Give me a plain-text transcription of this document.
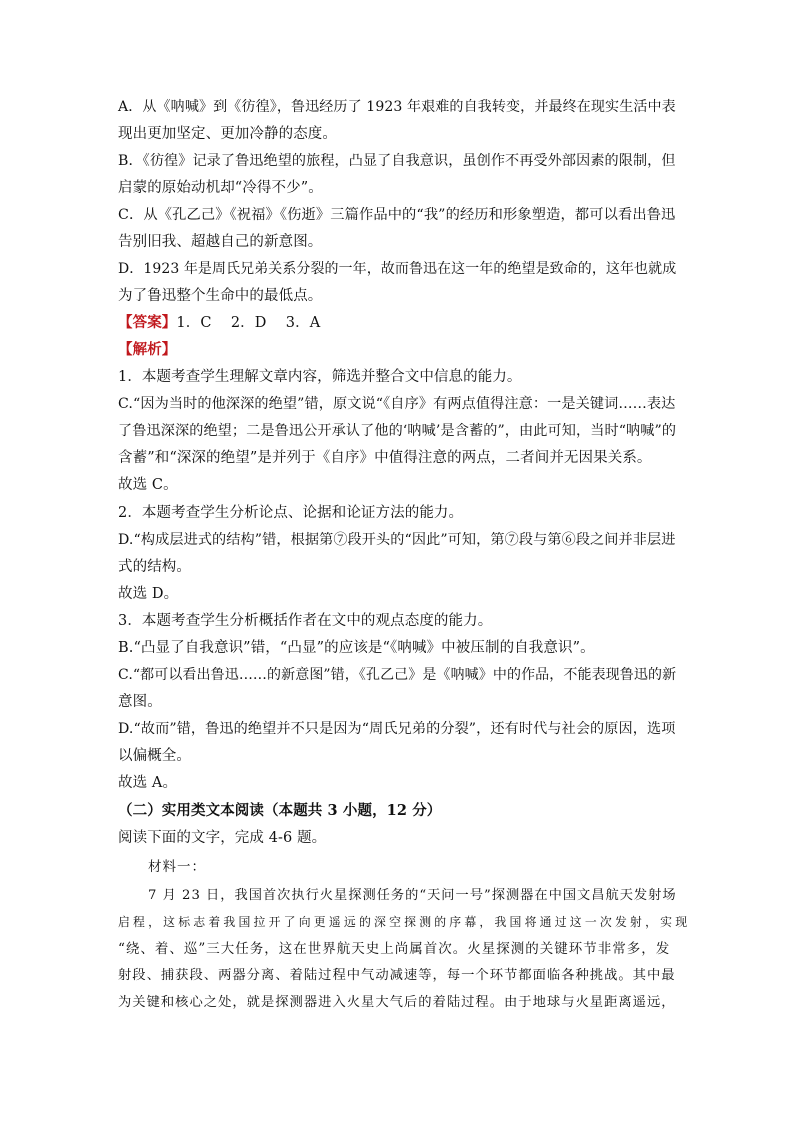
A．从《呐喊》到《彷徨》，鲁迅经历了 1923 年艰难的自我转变，并最终在现实生活中表
现出更加坚定、更加冷静的态度。
B．《彷徨》记录了鲁迅绝望的旅程，凸显了自我意识，虽创作不再受外部因素的限制，但
启蒙的原始动机却“冷得不少”。
C．从《孔乙己》《祝福》《伤逝》三篇作品中的“我”的经历和形象塑造，都可以看出鲁迅
告别旧我、超越自己的新意图。
D．1923 年是周氏兄弟关系分裂的一年，故而鲁迅在这一年的绝望是致命的，这年也就成
为了鲁迅整个生命中的最低点。
【答案】1．C　 2．D　 3．A
【解析】
1．本题考查学生理解文章内容，筛选并整合文中信息的能力。
C.“因为当时的他深深的绝望”错，原文说“《自序》有两点值得注意：一是关键词……表达
了鲁迅深深的绝望；二是鲁迅公开承认了他的‘呐喊’是含蓄的”，由此可知，当时“呐喊”的
含蓄”和“深深的绝望”是并列于《自序》中值得注意的两点，二者间并无因果关系。
故选 C。
2．本题考查学生分析论点、论据和论证方法的能力。
D.“构成层进式的结构”错，根据第⑦段开头的“因此”可知，第⑦段与第⑥段之间并非层进
式的结构。
故选 D。
3．本题考查学生分析概括作者在文中的观点态度的能力。
B.“凸显了自我意识”错，“凸显”的应该是“《呐喊》中被压制的自我意识”。
C.“都可以看出鲁迅……的新意图”错，《孔乙己》是《呐喊》中的作品，不能表现鲁迅的新
意图。
D.“故而”错，鲁迅的绝望并不只是因为“周氏兄弟的分裂”，还有时代与社会的原因，选项
以偏概全。
故选 A。
（二）实用类文本阅读（本题共 3 小题，12 分）
阅读下面的文字，完成 4-6 题。
材料一：
7 月 23 日，我国首次执行火星探测任务的“天问一号”探测器在中国文昌航天发射场
启程，这标志着我国拉开了向更遥远的深空探测的序幕，我国将通过这一次发射，实现
“绕、着、巡”三大任务，这在世界航天史上尚属首次。火星探测的关键环节非常多，发
射段、捕获段、两器分离、着陆过程中气动减速等，每一个环节都面临各种挑战。其中最
为关键和核心之处，就是探测器进入火星大气后的着陆过程。由于地球与火星距离遥远，
